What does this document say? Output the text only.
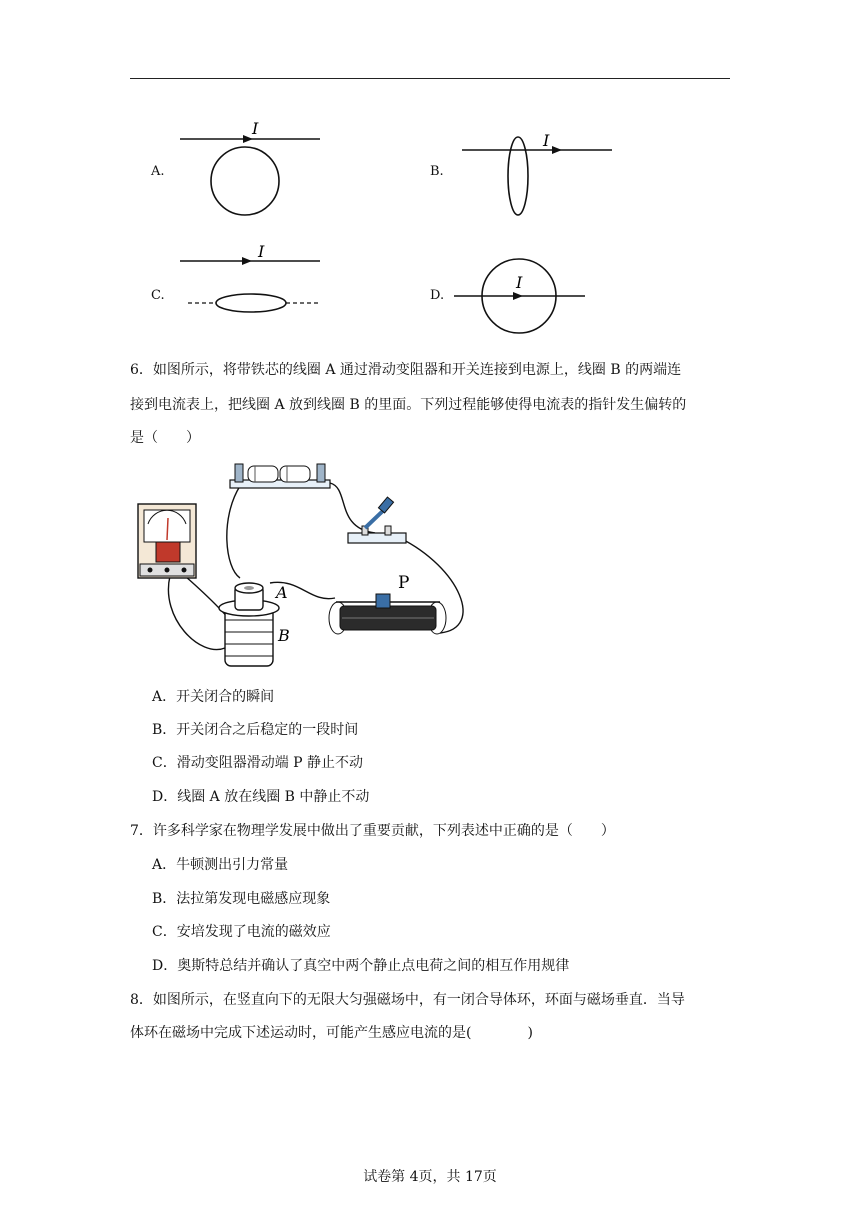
A.
I
B.
I
C.
I
D.
I
6．如图所示，将带铁芯的线圈 A 通过滑动变阻器和开关连接到电源上，线圈 B 的两端连
接到电流表上，把线圈 A 放到线圈 B 的里面。下列过程能够使得电流表的指针发生偏转的
是（　　）
A
B
P
A．开关闭合的瞬间
B．开关闭合之后稳定的一段时间
C．滑动变阻器滑动端 P 静止不动
D．线圈 A 放在线圈 B 中静止不动
7．许多科学家在物理学发展中做出了重要贡献，下列表述中正确的是（　　）
A．牛顿测出引力常量
B．法拉第发现电磁感应现象
C．安培发现了电流的磁效应
D．奥斯特总结并确认了真空中两个静止点电荷之间的相互作用规律
8．如图所示，在竖直向下的无限大匀强磁场中，有一闭合导体环，环面与磁场垂直．当导
体环在磁场中完成下述运动时，可能产生感应电流的是(　　　　)
试卷第 4页，共 17页
